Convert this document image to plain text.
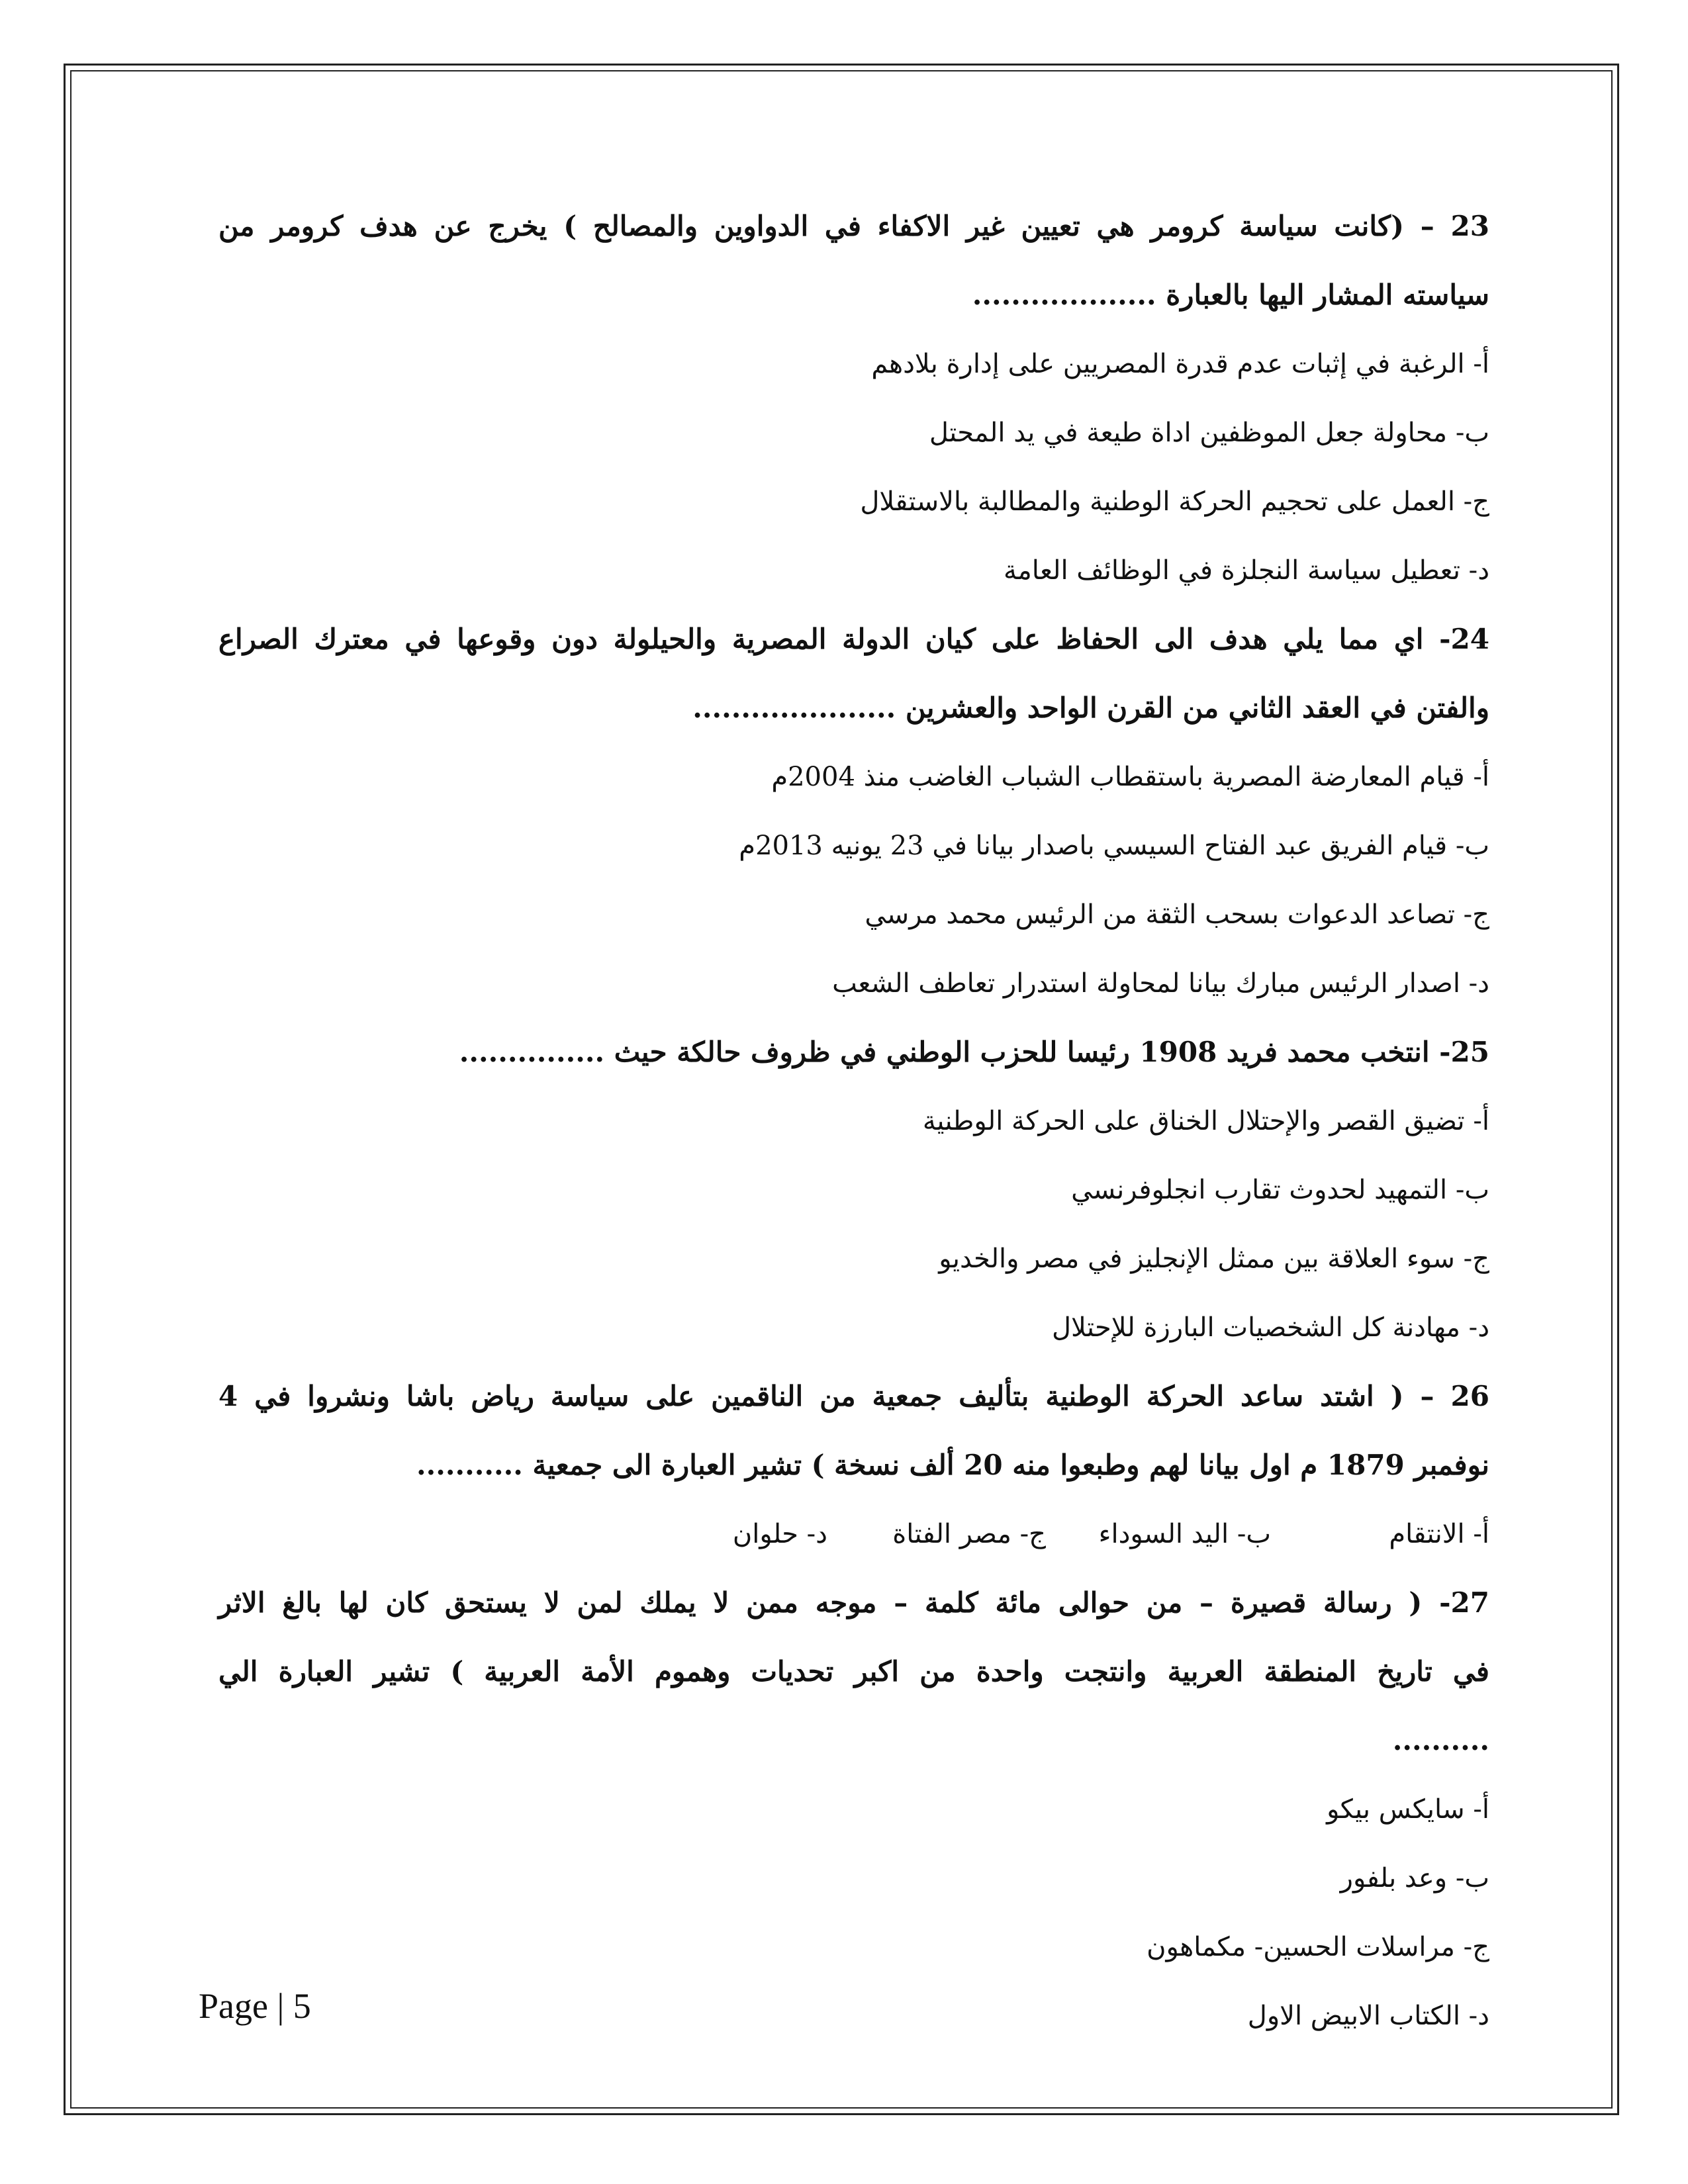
23 – (كانت سياسة كرومر هي تعيين غير الاكفاء في الدواوين والمصالح ) يخرج عن هدف كرومر من
سياسته المشار اليها بالعبارة ...................
أ- الرغبة في إثبات عدم قدرة المصريين على إدارة بلادهم
ب- محاولة جعل الموظفين اداة طيعة في يد المحتل
ج- العمل على تحجيم الحركة الوطنية والمطالبة بالاستقلال
د- تعطيل سياسة النجلزة في الوظائف العامة
24- اي مما يلي هدف الى الحفاظ على كيان الدولة المصرية والحيلولة دون وقوعها في معترك الصراع
والفتن في العقد الثاني من القرن الواحد والعشرين .....................
أ- قيام المعارضة المصرية باستقطاب الشباب الغاضب منذ 2004م
ب- قيام الفريق عبد الفتاح السيسي باصدار بيانا في 23 يونيه 2013م
ج- تصاعد الدعوات بسحب الثقة من الرئيس محمد مرسي
د- اصدار الرئيس مبارك بيانا لمحاولة استدرار تعاطف الشعب
25- انتخب محمد فريد 1908 رئيسا للحزب الوطني في ظروف حالكة حيث ...............
أ- تضيق القصر والإحتلال الخناق على الحركة الوطنية
ب- التمهيد لحدوث تقارب انجلوفرنسي
ج- سوء العلاقة بين ممثل الإنجليز في مصر والخديو
د- مهادنة كل الشخصيات البارزة للإحتلال
26 – ( اشتد ساعد الحركة الوطنية بتأليف جمعية من الناقمين على سياسة رياض باشا ونشروا في 4
نوفمبر 1879 م اول بيانا لهم وطبعوا منه 20 ألف نسخة ) تشير العبارة الى جمعية ...........
أ- الانتقام
ب- اليد السوداء
ج- مصر الفتاة
د- حلوان
27- ( رسالة قصيرة – من حوالى مائة كلمة – موجه ممن لا يملك لمن لا يستحق كان لها بالغ الاثر
في تاريخ المنطقة العربية وانتجت واحدة من اكبر تحديات وهموم الأمة العربية ) تشير العبارة الي
..........
أ- سايكس بيكو
ب- وعد بلفور
ج- مراسلات الحسين- مكماهون
د- الكتاب الابيض الاول
Page | 5
